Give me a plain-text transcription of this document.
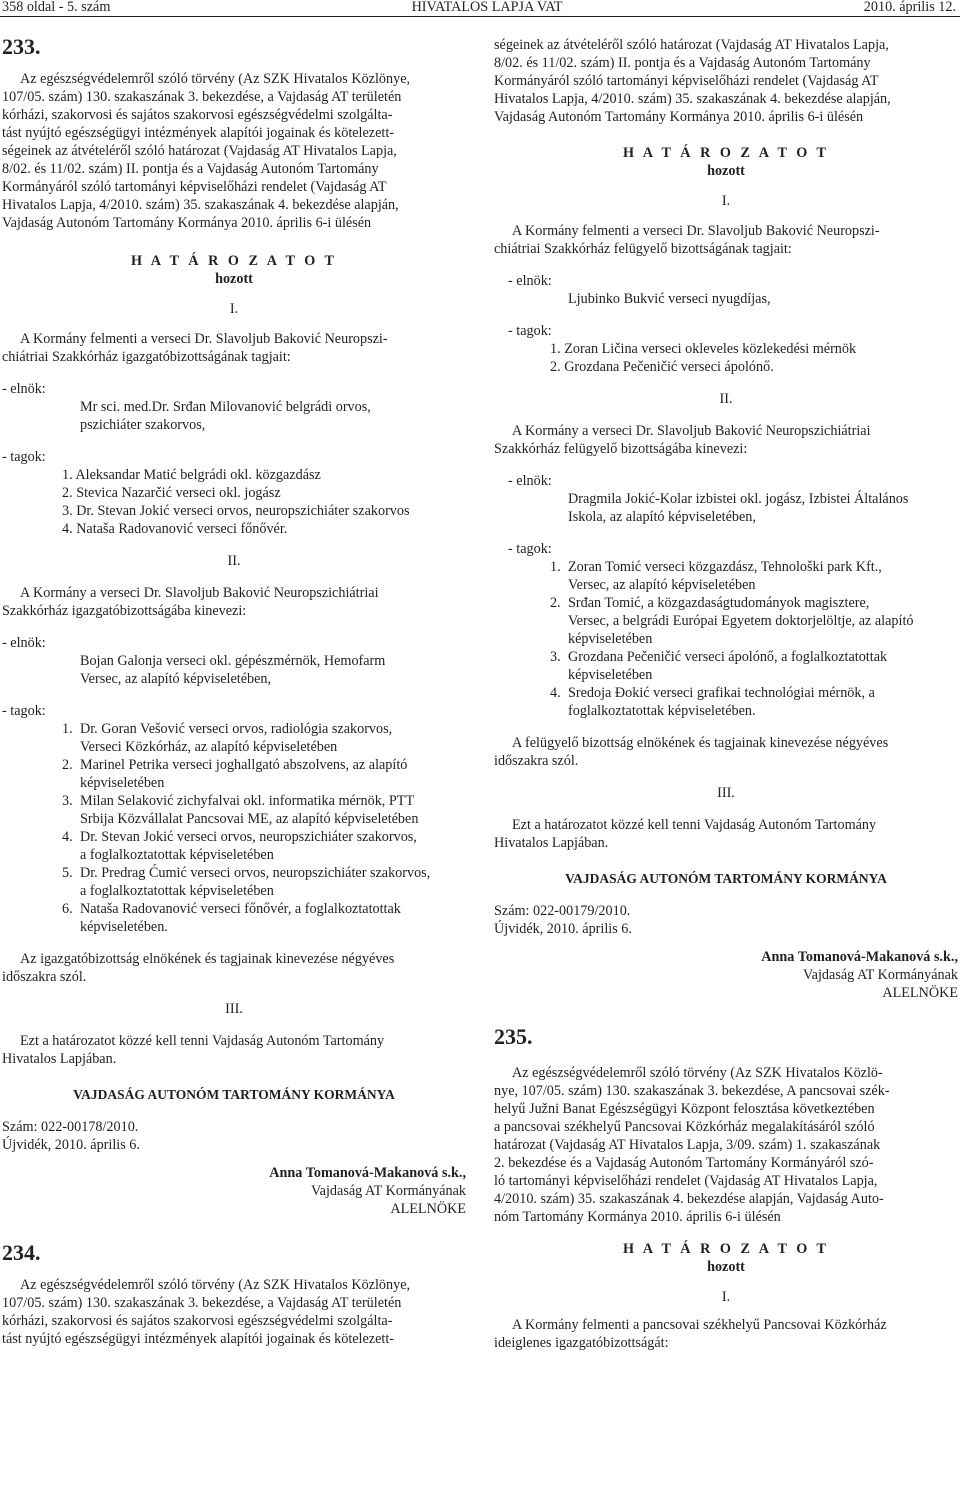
358 oldal - 5. szám	HIVATALOS LAPJA VAT	2010. április 12.

233.

Az egészségvédelemről szóló törvény (Az SZK Hivatalos Közlönye,

107/05. szám) 130. szakaszának 3. bekezdése, a Vajdaság AT területén

kórházi, szakorvosi és sajátos szakorvosi egészségvédelmi szolgálta-

tást nyújtó egészségügyi intézmények alapítói jogainak és kötelezett-

ségeinek az átvételéről szóló határozat (Vajdaság AT Hivatalos Lapja,

8/02. és 11/02. szám) II. pontja és a Vajdaság Autonóm Tartomány

Kormányáról szóló tartományi képviselőházi rendelet (Vajdaság AT

Hivatalos Lapja, 4/2010. szám) 35. szakaszának 4. bekezdése alapján,

Vajdaság Autonóm Tartomány Kormánya 2010. április 6-i ülésén

H A T Á R O Z A T O T

hozott

I.

A Kormány felmenti a verseci Dr. Slavoljub Baković Neuropszi-

chiátriai Szakkórház igazgatóbizottságának tagjait:

- elnök:

Mr sci. med.Dr. Srđan Milovanović belgrádi orvos,

pszichiáter szakorvos,

- tagok:

1. Aleksandar Matić belgrádi okl. közgazdász

2. Stevica Nazarčić verseci okl. jogász

3. Dr. Stevan Jokić verseci orvos, neuropszichiáter szakorvos

4. Nataša Radovanović verseci főnővér.

II.

A Kormány a verseci Dr. Slavoljub Baković Neuropszichiátriai

Szakkórház igazgatóbizottságába kinevezi:

- elnök:

Bojan Galonja verseci okl. gépészmérnök, Hemofarm

Versec, az alapító képviseletében,

- tagok:

1. Dr. Goran Vešović verseci orvos, radiológia szakorvos,
Verseci Közkórház, az alapító képviseletében
2. Marinel Petrika verseci joghallgató abszolvens, az alapító
képviseletében
3. Milan Selaković zichyfalvai okl. informatika mérnök, PTT
Srbija Közvállalat Pancsovai ME, az alapító képviseletében
4. Dr. Stevan Jokić verseci orvos, neuropszichiáter szakorvos,
a foglalkoztatottak képviseletében
5. Dr. Predrag Ćumić verseci orvos, neuropszichiáter szakorvos,
a foglalkoztatottak képviseletében
6. Nataša Radovanović verseci főnővér, a foglalkoztatottak
képviseletében.

Az igazgatóbizottság elnökének és tagjainak kinevezése négyéves

időszakra szól.

III.

Ezt a határozatot közzé kell tenni Vajdaság Autonóm Tartomány

Hivatalos Lapjában.

VAJDASÁG AUTONÓM TARTOMÁNY KORMÁNYA

Szám: 022-00178/2010.

Újvidék, 2010. április 6.

Anna Tomanová-Makanová s.k.,

Vajdaság AT Kormányának

ALELNÖKE

234.

Az egészségvédelemről szóló törvény (Az SZK Hivatalos Közlönye,

107/05. szám) 130. szakaszának 3. bekezdése, a Vajdaság AT területén

kórházi, szakorvosi és sajátos szakorvosi egészségvédelmi szolgálta-

tást nyújtó egészségügyi intézmények alapítói jogainak és kötelezett-

ségeinek az átvételéről szóló határozat (Vajdaság AT Hivatalos Lapja,

8/02. és 11/02. szám) II. pontja és a Vajdaság Autonóm Tartomány

Kormányáról szóló tartományi képviselőházi rendelet (Vajdaság AT

Hivatalos Lapja, 4/2010. szám) 35. szakaszának 4. bekezdése alapján,

Vajdaság Autonóm Tartomány Kormánya 2010. április 6-i ülésén

H A T Á R O Z A T O T

hozott

I.

A Kormány felmenti a verseci Dr. Slavoljub Baković Neuropszi-

chiátriai Szakkórház felügyelő bizottságának tagjait:

- elnök:

Ljubinko Bukvić verseci nyugdíjas,

- tagok:

1. Zoran Ličina verseci okleveles közlekedési mérnök

2. Grozdana Pečeničić verseci ápolónő.

II.

A Kormány a verseci Dr. Slavoljub Baković Neuropszichiátriai

Szakkórház felügyelő bizottságába kinevezi:

- elnök:

Dragmila Jokić-Kolar izbistei okl. jogász, Izbistei Általános

Iskola, az alapító képviseletében,

- tagok:

1. Zoran Tomić verseci közgazdász, Tehnološki park Kft.,
Versec, az alapító képviseletében
2. Srđan Tomić, a közgazdaságtudományok magisztere,
Versec, a belgrádi Európai Egyetem doktorjelöltje, az alapító
képviseletében
3. Grozdana Pečeničić verseci ápolónő, a foglalkoztatottak
képviseletében
4. Sredoja Đokić verseci grafikai technológiai mérnök, a
foglalkoztatottak képviseletében.

A felügyelő bizottság elnökének és tagjainak kinevezése négyéves

időszakra szól.

III.

Ezt a határozatot közzé kell tenni Vajdaság Autonóm Tartomány

Hivatalos Lapjában.

VAJDASÁG AUTONÓM TARTOMÁNY KORMÁNYA

Szám: 022-00179/2010.

Újvidék, 2010. április 6.

Anna Tomanová-Makanová s.k.,

Vajdaság AT Kormányának

ALELNÖKE

235.

Az egészségvédelemről szóló törvény (Az SZK Hivatalos Közlö-

nye, 107/05. szám) 130. szakaszának 3. bekezdése, A pancsovai szék-

helyű Južni Banat Egészségügyi Központ felosztása következtében

a pancsovai székhelyű Pancsovai Közkórház megalakításáról szóló

határozat (Vajdaság AT Hivatalos Lapja, 3/09. szám) 1. szakaszának

2. bekezdése és a Vajdaság Autonóm Tartomány Kormányáról szó-

ló tartományi képviselőházi rendelet (Vajdaság AT Hivatalos Lapja,

4/2010. szám) 35. szakaszának 4. bekezdése alapján, Vajdaság Auto-

nóm Tartomány Kormánya 2010. április 6-i ülésén

H A T Á R O Z A T O T

hozott

I.

A Kormány felmenti a pancsovai székhelyű Pancsovai Közkórház

ideiglenes igazgatóbizottságát:
